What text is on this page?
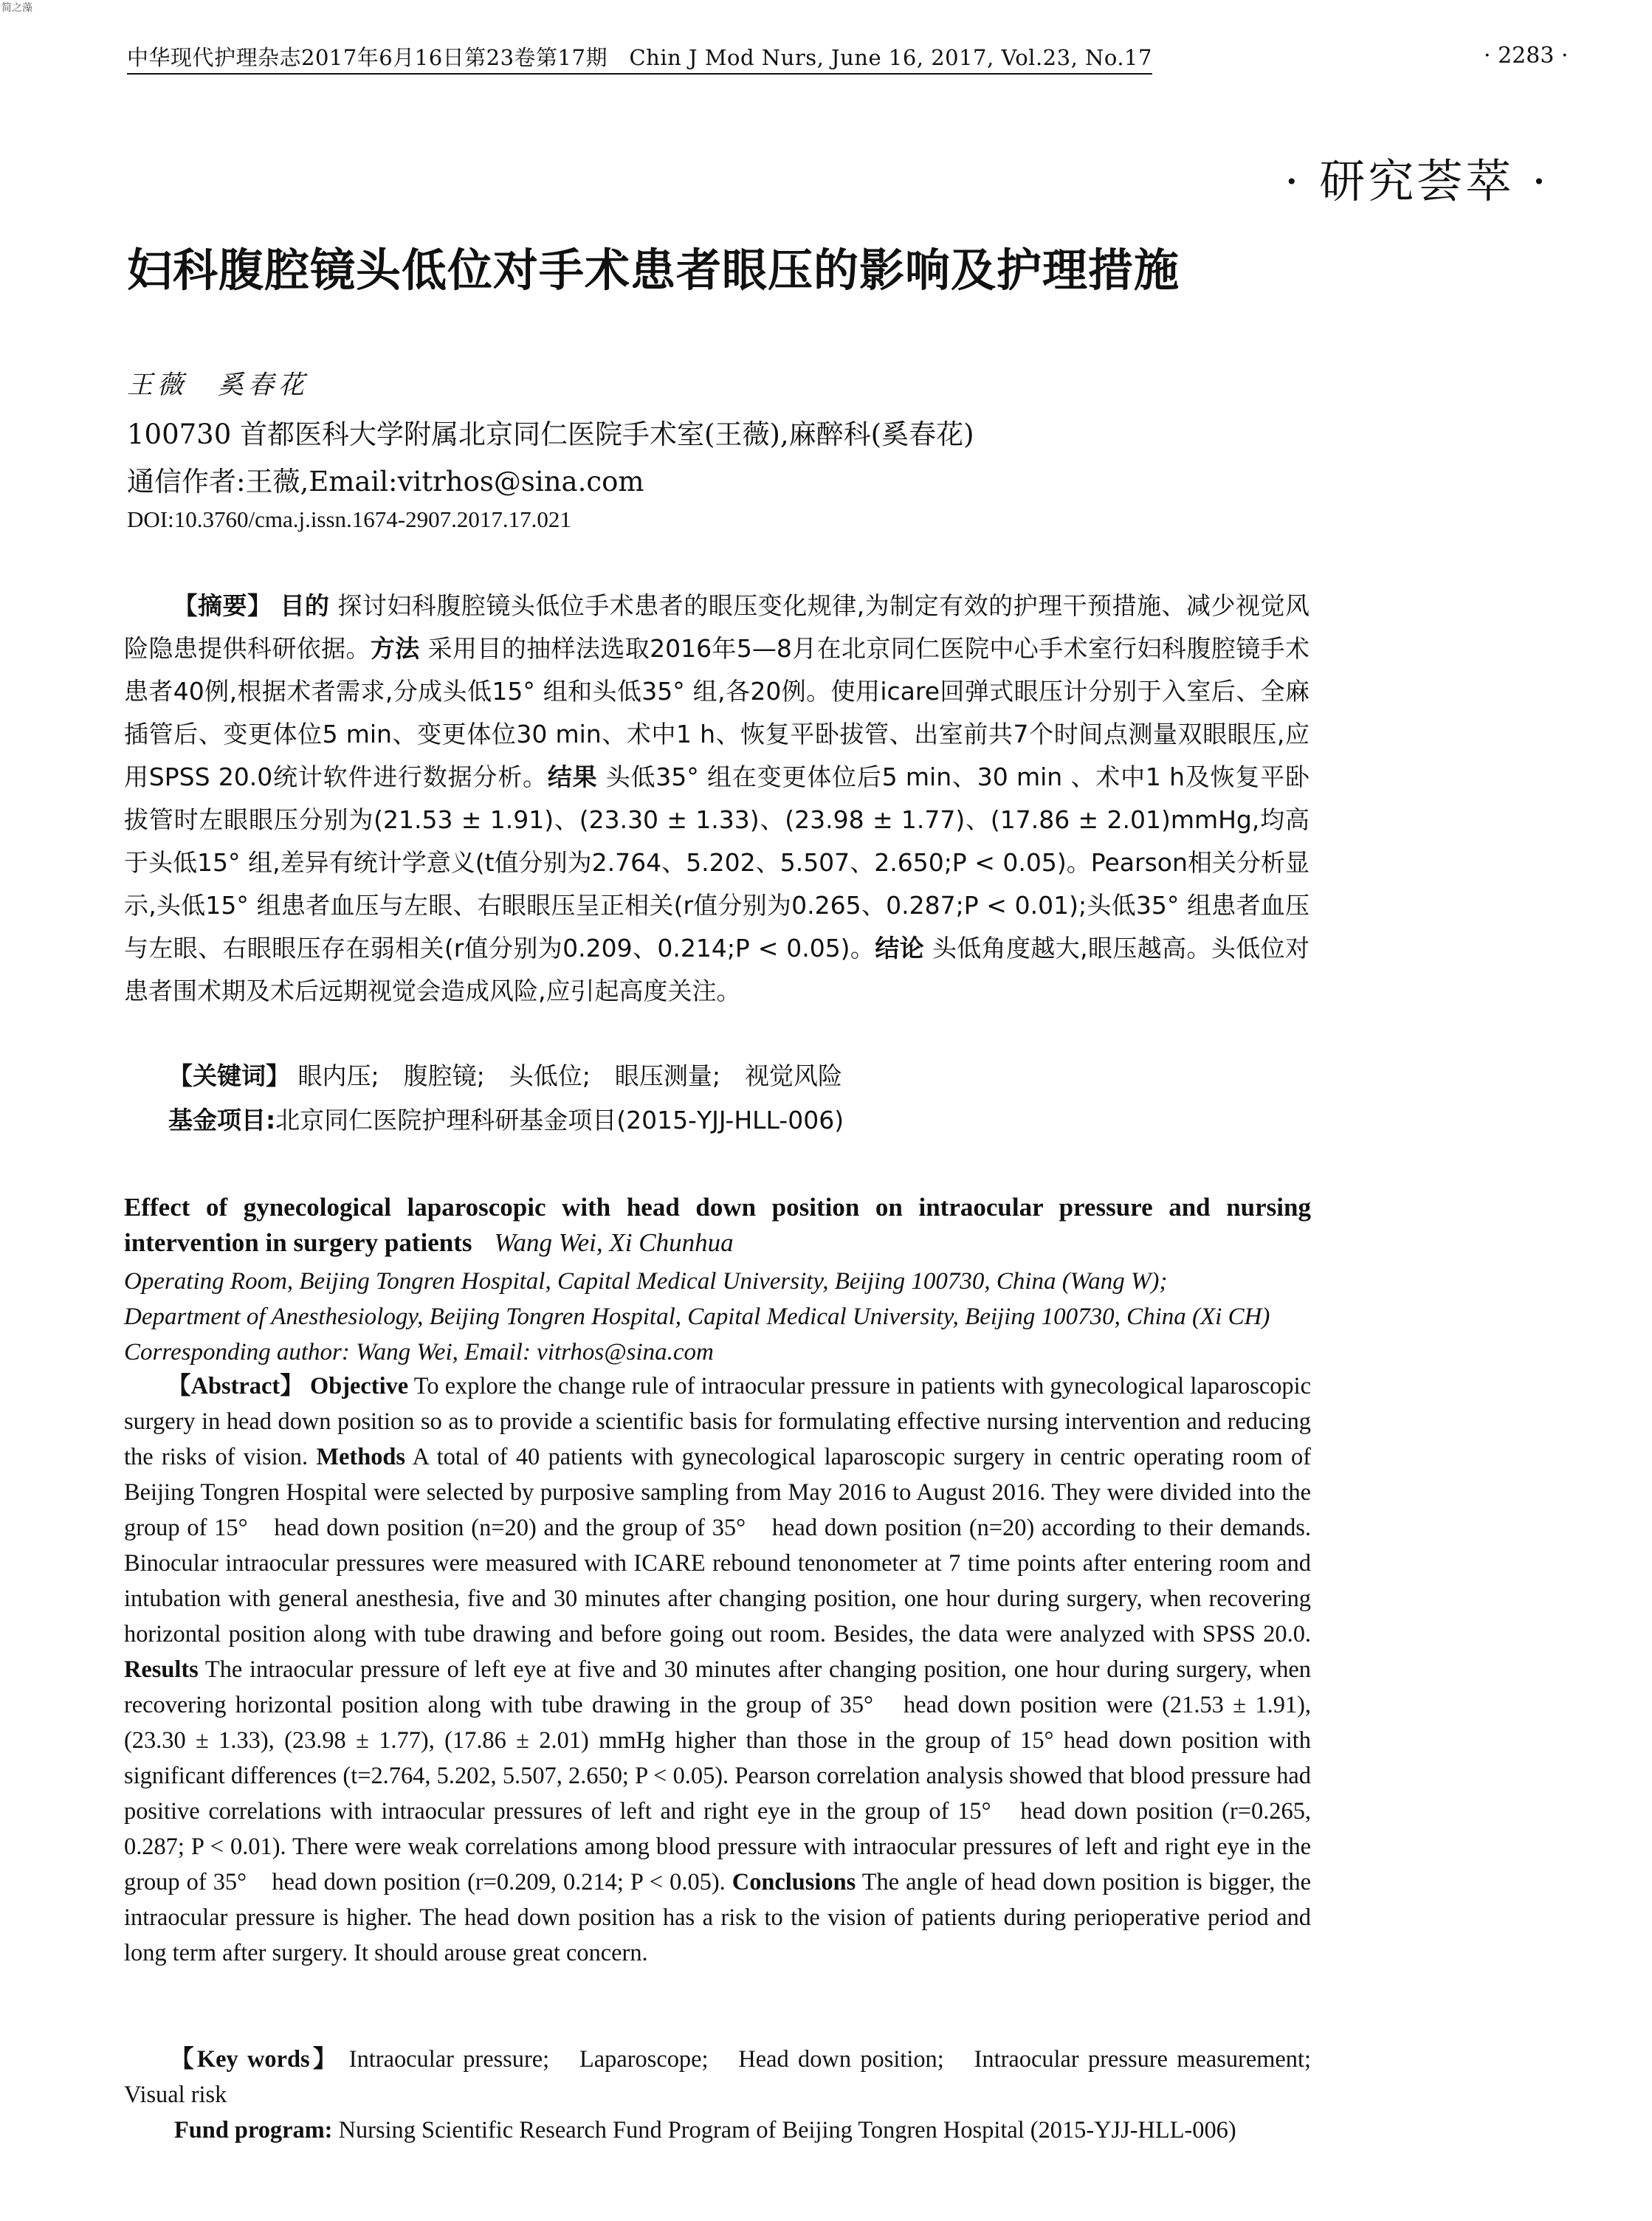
简之藻
中华现代护理杂志2017年6月16日第23卷第17期　Chin J Mod Nurs, June 16, 2017, Vol.23, No.17	· 2283 ·
· 研究荟萃 ·
妇科腹腔镜头低位对手术患者眼压的影响及护理措施
王薇　奚春花
100730 首都医科大学附属北京同仁医院手术室(王薇),麻醉科(奚春花)
通信作者:王薇,Email:vitrhos@sina.com
DOI:10.3760/cma.j.issn.1674-2907.2017.17.021
【摘要】 目的 探讨妇科腹腔镜头低位手术患者的眼压变化规律,为制定有效的护理干预措施、减少视觉风险隐患提供科研依据。方法 采用目的抽样法选取2016年5—8月在北京同仁医院中心手术室行妇科腹腔镜手术患者40例,根据术者需求,分成头低15° 组和头低35° 组,各20例。使用icare回弹式眼压计分别于入室后、全麻插管后、变更体位5 min、变更体位30 min、术中1 h、恢复平卧拔管、出室前共7个时间点测量双眼眼压,应用SPSS 20.0统计软件进行数据分析。结果 头低35° 组在变更体位后5 min、30 min 、术中1 h及恢复平卧拔管时左眼眼压分别为(21.53 ± 1.91)、(23.30 ± 1.33)、(23.98 ± 1.77)、(17.86 ± 2.01)mmHg,均高于头低15° 组,差异有统计学意义(t值分别为2.764、5.202、5.507、2.650;P < 0.05)。Pearson相关分析显示,头低15° 组患者血压与左眼、右眼眼压呈正相关(r值分别为0.265、0.287;P < 0.01);头低35° 组患者血压与左眼、右眼眼压存在弱相关(r值分别为0.209、0.214;P < 0.05)。结论 头低角度越大,眼压越高。头低位对患者围术期及术后远期视觉会造成风险,应引起高度关注。
【关键词】 眼内压;　腹腔镜;　头低位;　眼压测量;　视觉风险
基金项目:北京同仁医院护理科研基金项目(2015-YJJ-HLL-006)
Effect of gynecological laparoscopic with head down position on intraocular pressure and nursing intervention in surgery patients Wang Wei, Xi Chunhua
Operating Room, Beijing Tongren Hospital, Capital Medical University, Beijing 100730, China (Wang W);
Department of Anesthesiology, Beijing Tongren Hospital, Capital Medical University, Beijing 100730, China (Xi CH)
Corresponding author: Wang Wei, Email: vitrhos@sina.com
【Abstract】 Objective To explore the change rule of intraocular pressure in patients with gynecological laparoscopic surgery in head down position so as to provide a scientific basis for formulating effective nursing intervention and reducing the risks of vision. Methods A total of 40 patients with gynecological laparoscopic surgery in centric operating room of Beijing Tongren Hospital were selected by purposive sampling from May 2016 to August 2016. They were divided into the group of 15°　head down position (n=20) and the group of 35°　head down position (n=20) according to their demands. Binocular intraocular pressures were measured with ICARE rebound tenonometer at 7 time points after entering room and intubation with general anesthesia, five and 30 minutes after changing position, one hour during surgery, when recovering horizontal position along with tube drawing and before going out room. Besides, the data were analyzed with SPSS 20.0. Results The intraocular pressure of left eye at five and 30 minutes after changing position, one hour during surgery, when recovering horizontal position along with tube drawing in the group of 35°　head down position were (21.53 ± 1.91), (23.30 ± 1.33), (23.98 ± 1.77), (17.86 ± 2.01) mmHg higher than those in the group of 15° head down position with significant differences (t=2.764, 5.202, 5.507, 2.650; P < 0.05). Pearson correlation analysis showed that blood pressure had positive correlations with intraocular pressures of left and right eye in the group of 15°　head down position (r=0.265, 0.287; P < 0.01). There were weak correlations among blood pressure with intraocular pressures of left and right eye in the group of 35°　head down position (r=0.209, 0.214; P < 0.05). Conclusions The angle of head down position is bigger, the intraocular pressure is higher. The head down position has a risk to the vision of patients during perioperative period and long term after surgery. It should arouse great concern.
【Key words】 Intraocular pressure;　Laparoscope;　Head down position;　Intraocular pressure measurement;　Visual risk
Fund program: Nursing Scientific Research Fund Program of Beijing Tongren Hospital (2015-YJJ-HLL-006)
